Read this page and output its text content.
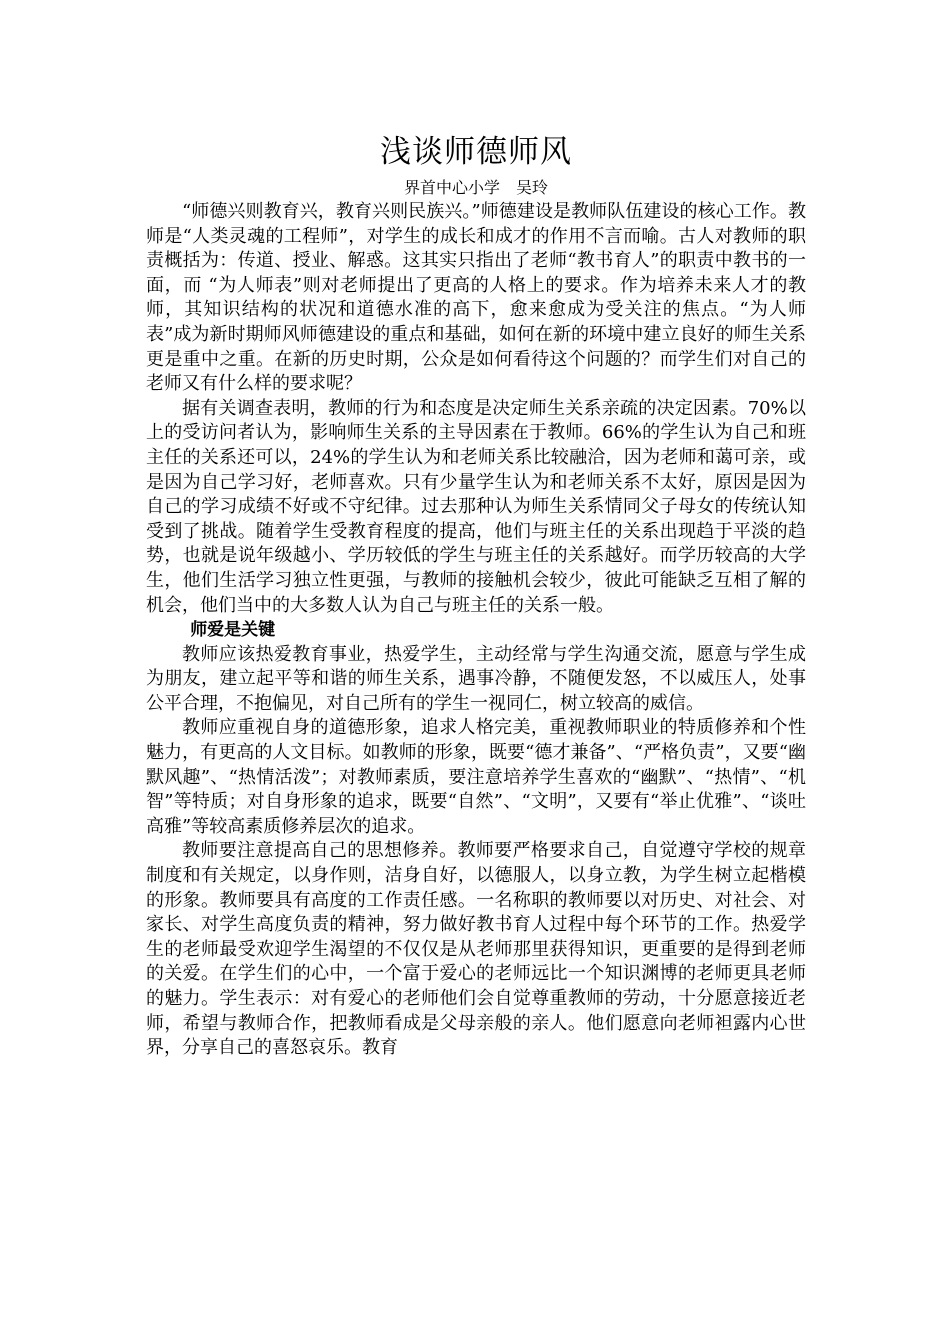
浅谈师德师风

界首中心小学　吴玲

“师德兴则教育兴，教育兴则民族兴。”师德建设是教师队伍建设的核心工作。教师是“人类灵魂的工程师”，对学生的成长和成才的作用不言而喻。古人对教师的职责概括为：传道、授业、解惑。这其实只指出了老师“教书育人”的职责中教书的一面，而 “为人师表”则对老师提出了更高的人格上的要求。作为培养未来人才的教师，其知识结构的状况和道德水准的高下，愈来愈成为受关注的焦点。“为人师表”成为新时期师风师德建设的重点和基础，如何在新的环境中建立良好的师生关系更是重中之重。在新的历史时期，公众是如何看待这个问题的？而学生们对自己的老师又有什么样的要求呢？

据有关调查表明，教师的行为和态度是决定师生关系亲疏的决定因素。70%以上的受访问者认为，影响师生关系的主导因素在于教师。66%的学生认为自己和班主任的关系还可以，24%的学生认为和老师关系比较融洽，因为老师和蔼可亲，或是因为自己学习好，老师喜欢。只有少量学生认为和老师关系不太好，原因是因为自己的学习成绩不好或不守纪律。过去那种认为师生关系情同父子母女的传统认知受到了挑战。随着学生受教育程度的提高，他们与班主任的关系出现趋于平淡的趋势，也就是说年级越小、学历较低的学生与班主任的关系越好。而学历较高的大学生，他们生活学习独立性更强，与教师的接触机会较少，彼此可能缺乏互相了解的机会，他们当中的大多数人认为自己与班主任的关系一般。

师爱是关键

教师应该热爱教育事业，热爱学生，主动经常与学生沟通交流，愿意与学生成为朋友，建立起平等和谐的师生关系，遇事冷静，不随便发怒，不以威压人，处事公平合理，不抱偏见，对自己所有的学生一视同仁，树立较高的威信。

教师应重视自身的道德形象，追求人格完美，重视教师职业的特质修养和个性魅力，有更高的人文目标。如教师的形象，既要“德才兼备”、“严格负责”，又要“幽默风趣”、“热情活泼”；对教师素质，要注意培养学生喜欢的“幽默”、“热情”、“机智”等特质；对自身形象的追求，既要“自然”、“文明”，又要有“举止优雅”、“谈吐高雅”等较高素质修养层次的追求。

教师要注意提高自己的思想修养。教师要严格要求自己，自觉遵守学校的规章制度和有关规定，以身作则，洁身自好，以德服人，以身立教，为学生树立起楷模的形象。教师要具有高度的工作责任感。一名称职的教师要以对历史、对社会、对家长、对学生高度负责的精神，努力做好教书育人过程中每个环节的工作。热爱学生的老师最受欢迎学生渴望的不仅仅是从老师那里获得知识，更重要的是得到老师的关爱。在学生们的心中，一个富于爱心的老师远比一个知识渊博的老师更具老师的魅力。学生表示：对有爱心的老师他们会自觉尊重教师的劳动，十分愿意接近老师，希望与教师合作，把教师看成是父母亲般的亲人。他们愿意向老师袒露内心世界，分享自己的喜怒哀乐。教育
